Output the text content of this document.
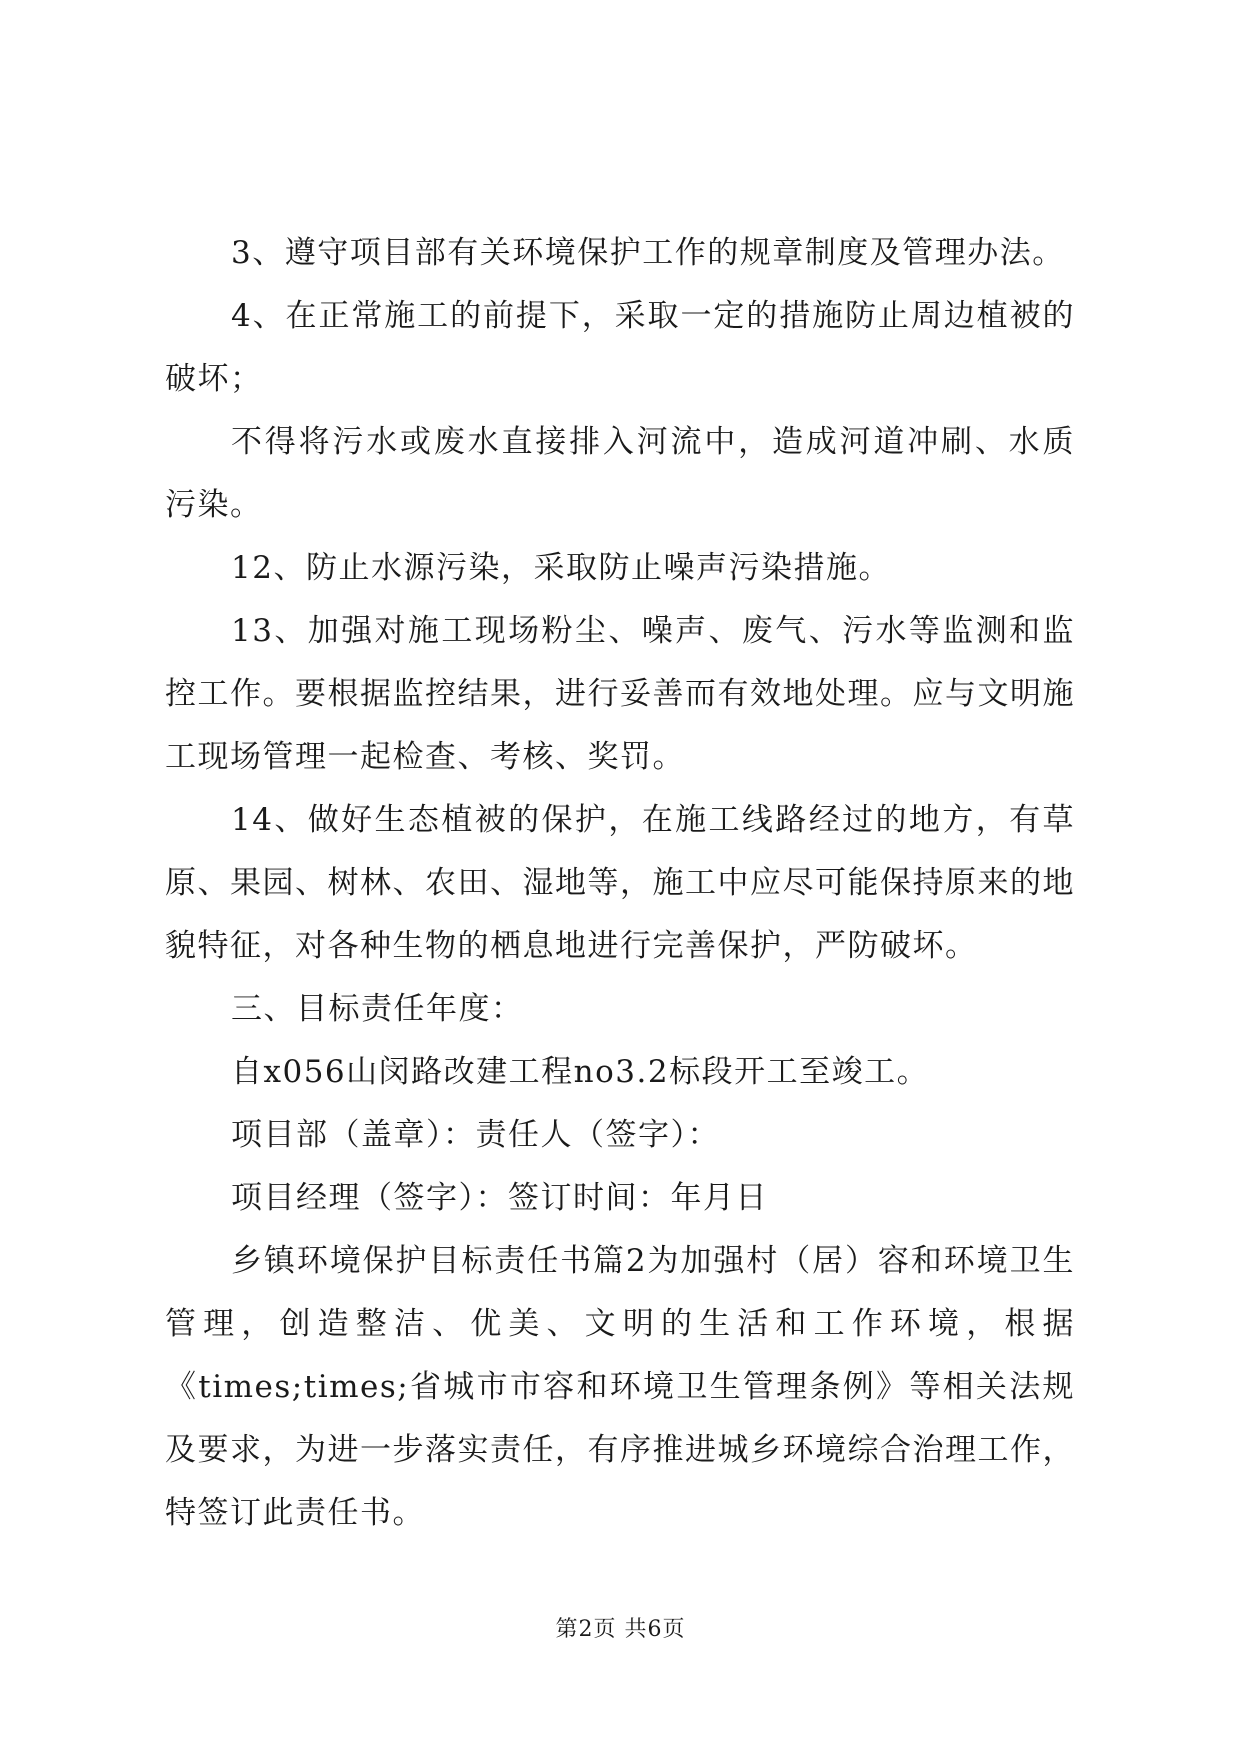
3、遵守项目部有关环境保护工作的规章制度及管理办法。

4、在正常施工的前提下，采取一定的措施防止周边植被的破坏；

不得将污水或废水直接排入河流中，造成河道冲刷、水质污染。

12、防止水源污染，采取防止噪声污染措施。

13、加强对施工现场粉尘、噪声、废气、污水等监测和监控工作。要根据监控结果，进行妥善而有效地处理。应与文明施工现场管理一起检查、考核、奖罚。

14、做好生态植被的保护，在施工线路经过的地方，有草原、果园、树林、农田、湿地等，施工中应尽可能保持原来的地貌特征，对各种生物的栖息地进行完善保护，严防破坏。

三、目标责任年度：

自x056山闵路改建工程no3.2标段开工至竣工。

项目部（盖章）：责任人（签字）：

项目经理（签字）：签订时间：年月日

乡镇环境保护目标责任书篇2为加强村（居）容和环境卫生管理，创造整洁、优美、文明的生活和工作环境，根据《times;times;省城市市容和环境卫生管理条例》等相关法规及要求，为进一步落实责任，有序推进城乡环境综合治理工作，特签订此责任书。

第2页 共6页
